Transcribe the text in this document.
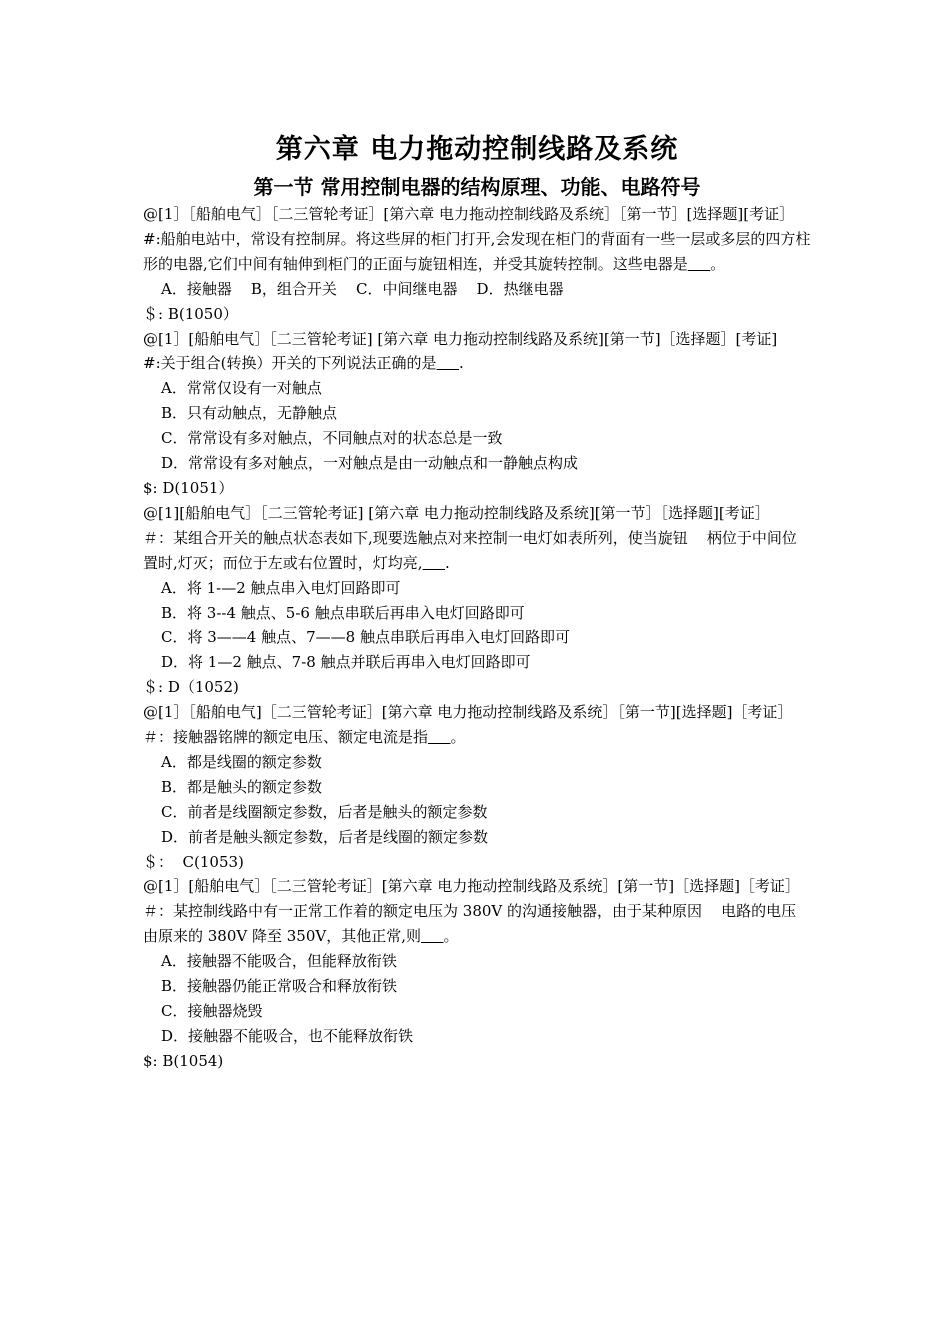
第六章 电力拖动控制线路及系统
第一节 常用控制电器的结构原理、功能、电路符号

@[1］［船舶电气］［二三管轮考证］[第六章 电力拖动控制线路及系统］［第一节］[选择题][考证］

#:船舶电站中，常设有控制屏。将这些屏的柜门打开,会发现在柜门的背面有一些一层或多层的四方柱形的电器,它们中间有轴伸到柜门的正面与旋钮相连，并受其旋转控制。这些电器是    。

A．接触器    B，组合开关    C．中间继电器    D．热继电器

＄: B(1050）

@[1］[船舶电气］［二三管轮考证] [第六章 电力拖动控制线路及系统][第一节]［选择题］[考证]

#:关于组合(转换）开关的下列说法正确的是    .

A．常常仅设有一对触点

B．只有动触点，无静触点

C．常常设有多对触点，不同触点对的状态总是一致

D．常常设有多对触点，一对触点是由一动触点和一静触点构成

$: D(1051）

@[1][船舶电气］［二三管轮考证] [第六章 电力拖动控制线路及系统][第一节］［选择题][考证］

＃：某组合开关的触点状态表如下,现要选触点对来控制一电灯如表所列，使当旋钮    柄位于中间位置时,灯灭；而位于左或右位置时，灯均亮,    .

A．将 1-—2 触点串入电灯回路即可

B．将 3--4 触点、5-6 触点串联后再串入电灯回路即可

C．将 3——4 触点、7——8 触点串联后再串入电灯回路即可

D．将 1—2 触点、7-8 触点并联后再串入电灯回路即可

＄: D（1052)

@[1］［船舶电气]［二三管轮考证］[第六章 电力拖动控制线路及系统］［第一节][选择题]［考证］

＃：接触器铭牌的额定电压、额定电流是指    。

A．都是线圈的额定参数

B．都是触头的额定参数

C．前者是线圈额定参数，后者是触头的额定参数

D．前者是触头额定参数，后者是线圈的额定参数

＄：  C(1053)

@[1］[船舶电气］［二三管轮考证］[第六章 电力拖动控制线路及系统］[第一节]［选择题]［考证］

＃：某控制线路中有一正常工作着的额定电压为 380V 的沟通接触器，由于某种原因    电路的电压由原来的 380V 降至 350V，其他正常,则    。

A．接触器不能吸合，但能释放衔铁

B．接触器仍能正常吸合和释放衔铁

C．接触器烧毁

D．接触器不能吸合，也不能释放衔铁

$: B(1054)
